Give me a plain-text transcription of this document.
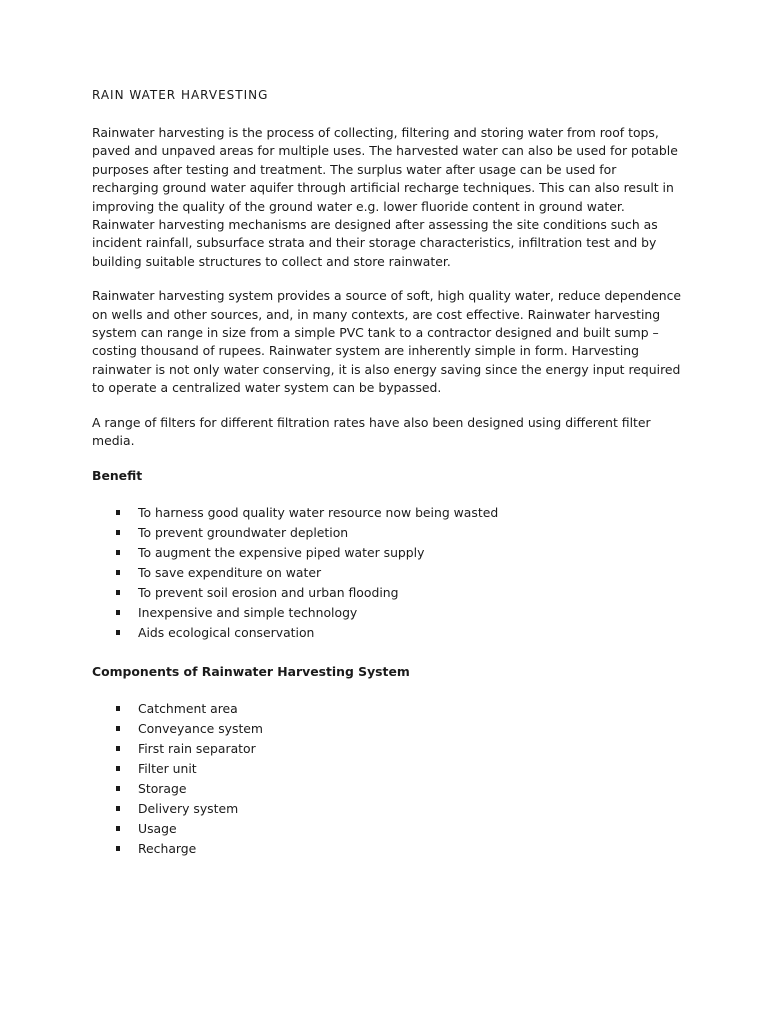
RAIN WATER HARVESTING

Rainwater harvesting is the process of collecting, filtering and storing water from roof tops, paved and unpaved areas for multiple uses. The harvested water can also be used for potable purposes after testing and treatment. The surplus water after usage can be used for recharging ground water aquifer through artificial recharge techniques. This can also result in improving the quality of the ground water e.g. lower fluoride content in ground water. Rainwater harvesting mechanisms are designed after assessing the site conditions such as incident rainfall, subsurface strata and their storage characteristics, infiltration test and by building suitable structures to collect and store rainwater.

Rainwater harvesting system provides a source of soft, high quality water, reduce dependence on wells and other sources, and, in many contexts, are cost effective. Rainwater harvesting system can range in size from a simple PVC tank to a contractor designed and built sump – costing thousand of rupees. Rainwater system are inherently simple in form. Harvesting rainwater is not only water conserving, it is also energy saving since the energy input required to operate a centralized water system can be bypassed.

A range of filters for different filtration rates have also been designed using different filter media.

Benefit
To harness good quality water resource now being wasted
To prevent groundwater depletion
To augment the expensive piped water supply
To save expenditure on water
To prevent soil erosion and urban flooding
Inexpensive and simple technology
Aids ecological conservation
Components of Rainwater Harvesting System
Catchment area
Conveyance system
First rain separator
Filter unit
Storage
Delivery system
Usage
Recharge
